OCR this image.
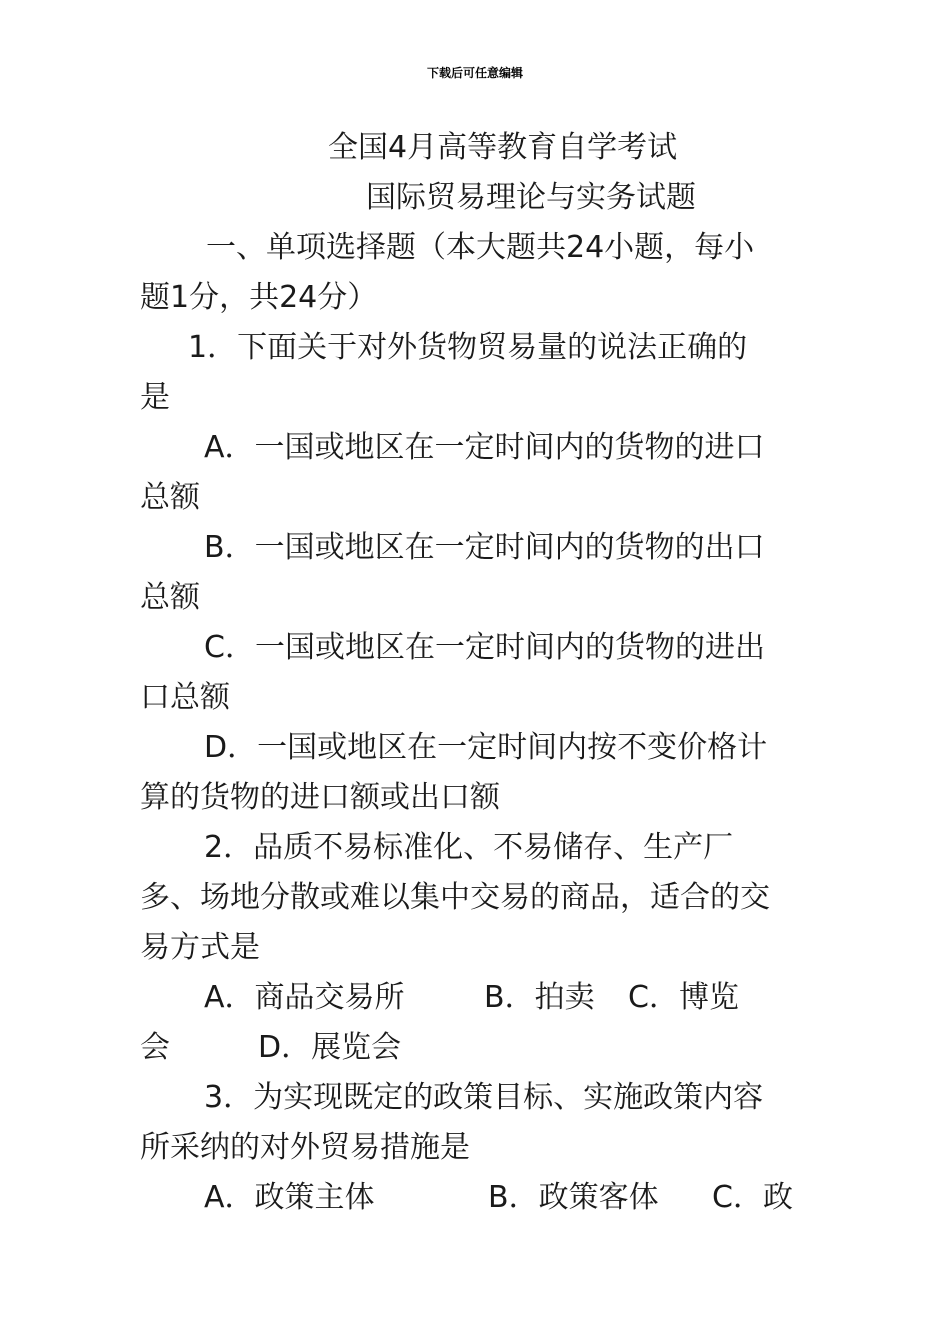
下载后可任意编辑
全国4月高等教育自学考试
国际贸易理论与实务试题
一、单项选择题（本大题共24小题，每小
题1分，共24分）
1．下面关于对外货物贸易量的说法正确的
是
A．一国或地区在一定时间内的货物的进口
总额
B．一国或地区在一定时间内的货物的出口
总额
C．一国或地区在一定时间内的货物的进出
口总额
D．一国或地区在一定时间内按不变价格计
算的货物的进口额或出口额
2．品质不易标准化、不易储存、生产厂
多、场地分散或难以集中交易的商品，适合的交
易方式是
A．商品交易所	B．拍卖 C．博览
会	D．展览会
3．为实现既定的政策目标、实施政策内容
所采纳的对外贸易措施是
A．政策主体	B．政策客体 C．政
